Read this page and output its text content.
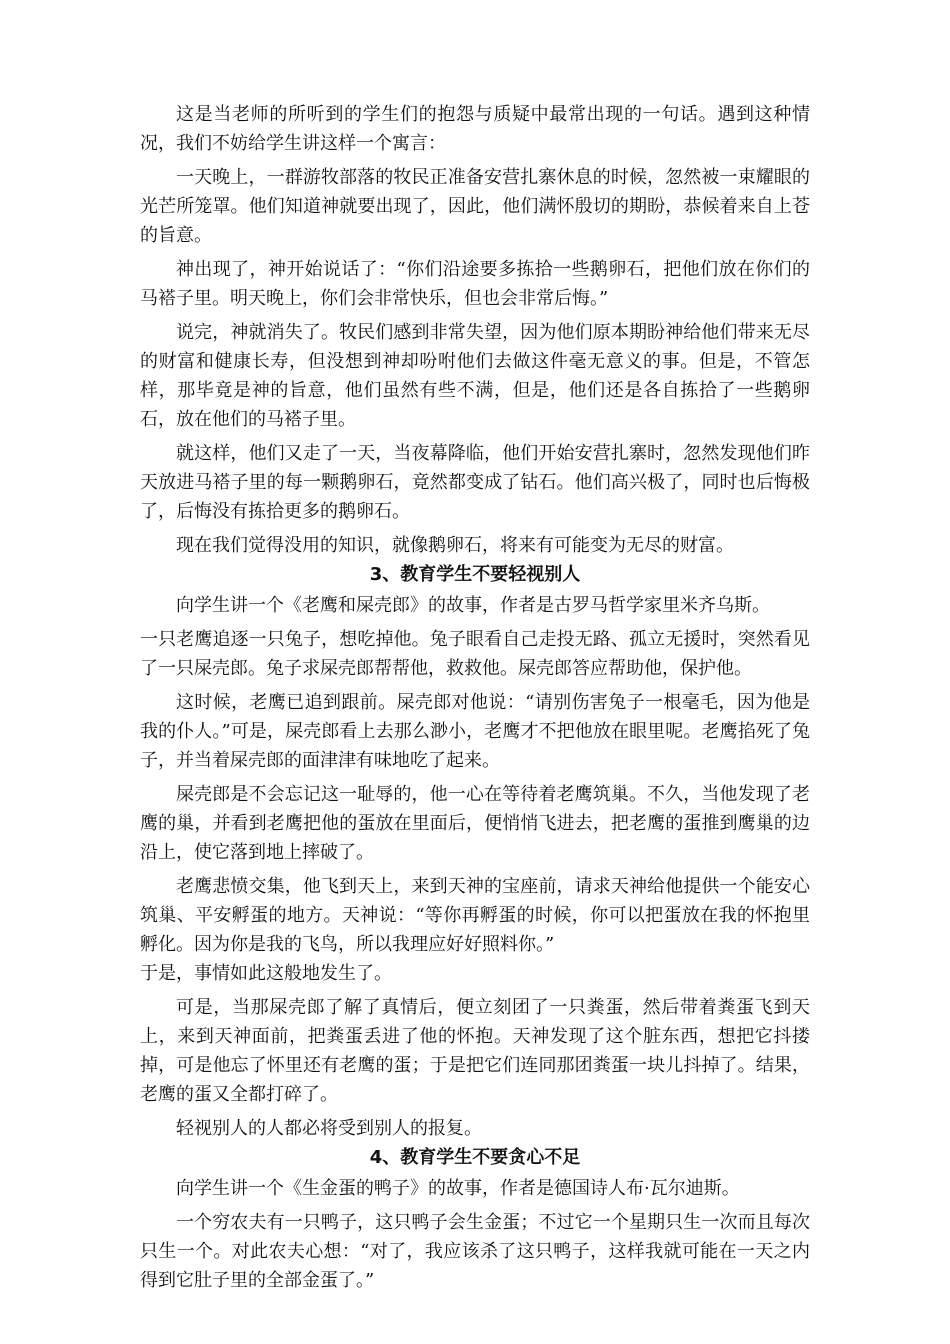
这是当老师的所听到的学生们的抱怨与质疑中最常出现的一句话。遇到这种情况，我们不妨给学生讲这样一个寓言：

一天晚上，一群游牧部落的牧民正准备安营扎寨休息的时候，忽然被一束耀眼的光芒所笼罩。他们知道神就要出现了，因此，他们满怀殷切的期盼，恭候着来自上苍的旨意。

神出现了，神开始说话了：“你们沿途要多拣拾一些鹅卵石，把他们放在你们的马褡子里。明天晚上，你们会非常快乐，但也会非常后悔。”

说完，神就消失了。牧民们感到非常失望，因为他们原本期盼神给他们带来无尽的财富和健康长寿，但没想到神却吩咐他们去做这件毫无意义的事。但是，不管怎样，那毕竟是神的旨意，他们虽然有些不满，但是，他们还是各自拣拾了一些鹅卵石，放在他们的马褡子里。

就这样，他们又走了一天，当夜幕降临，他们开始安营扎寨时，忽然发现他们昨天放进马褡子里的每一颗鹅卵石，竟然都变成了钻石。他们高兴极了，同时也后悔极了，后悔没有拣拾更多的鹅卵石。

现在我们觉得没用的知识，就像鹅卵石，将来有可能变为无尽的财富。

3、教育学生不要轻视别人

向学生讲一个《老鹰和屎壳郎》的故事，作者是古罗马哲学家里米齐乌斯。

一只老鹰追逐一只兔子，想吃掉他。兔子眼看自己走投无路、孤立无援时，突然看见了一只屎壳郎。兔子求屎壳郎帮帮他，救救他。屎壳郎答应帮助他，保护他。

这时候，老鹰已追到跟前。屎壳郎对他说：“请别伤害兔子一根毫毛，因为他是我的仆人。”可是，屎壳郎看上去那么渺小，老鹰才不把他放在眼里呢。老鹰掐死了兔子，并当着屎壳郎的面津津有味地吃了起来。

屎壳郎是不会忘记这一耻辱的，他一心在等待着老鹰筑巢。不久，当他发现了老鹰的巢，并看到老鹰把他的蛋放在里面后，便悄悄飞进去，把老鹰的蛋推到鹰巢的边沿上，使它落到地上摔破了。

老鹰悲愤交集，他飞到天上，来到天神的宝座前，请求天神给他提供一个能安心筑巢、平安孵蛋的地方。天神说：“等你再孵蛋的时候，你可以把蛋放在我的怀抱里孵化。因为你是我的飞鸟，所以我理应好好照料你。”

于是，事情如此这般地发生了。

可是，当那屎壳郎了解了真情后，便立刻团了一只粪蛋，然后带着粪蛋飞到天上，来到天神面前，把粪蛋丢进了他的怀抱。天神发现了这个脏东西，想把它抖搂掉，可是他忘了怀里还有老鹰的蛋；于是把它们连同那团粪蛋一块儿抖掉了。结果，老鹰的蛋又全都打碎了。

轻视别人的人都必将受到别人的报复。

4、教育学生不要贪心不足

向学生讲一个《生金蛋的鸭子》的故事，作者是德国诗人布·瓦尔迪斯。

一个穷农夫有一只鸭子，这只鸭子会生金蛋；不过它一个星期只生一次而且每次只生一个。对此农夫心想：“对了，我应该杀了这只鸭子，这样我就可能在一天之内得到它肚子里的全部金蛋了。”
